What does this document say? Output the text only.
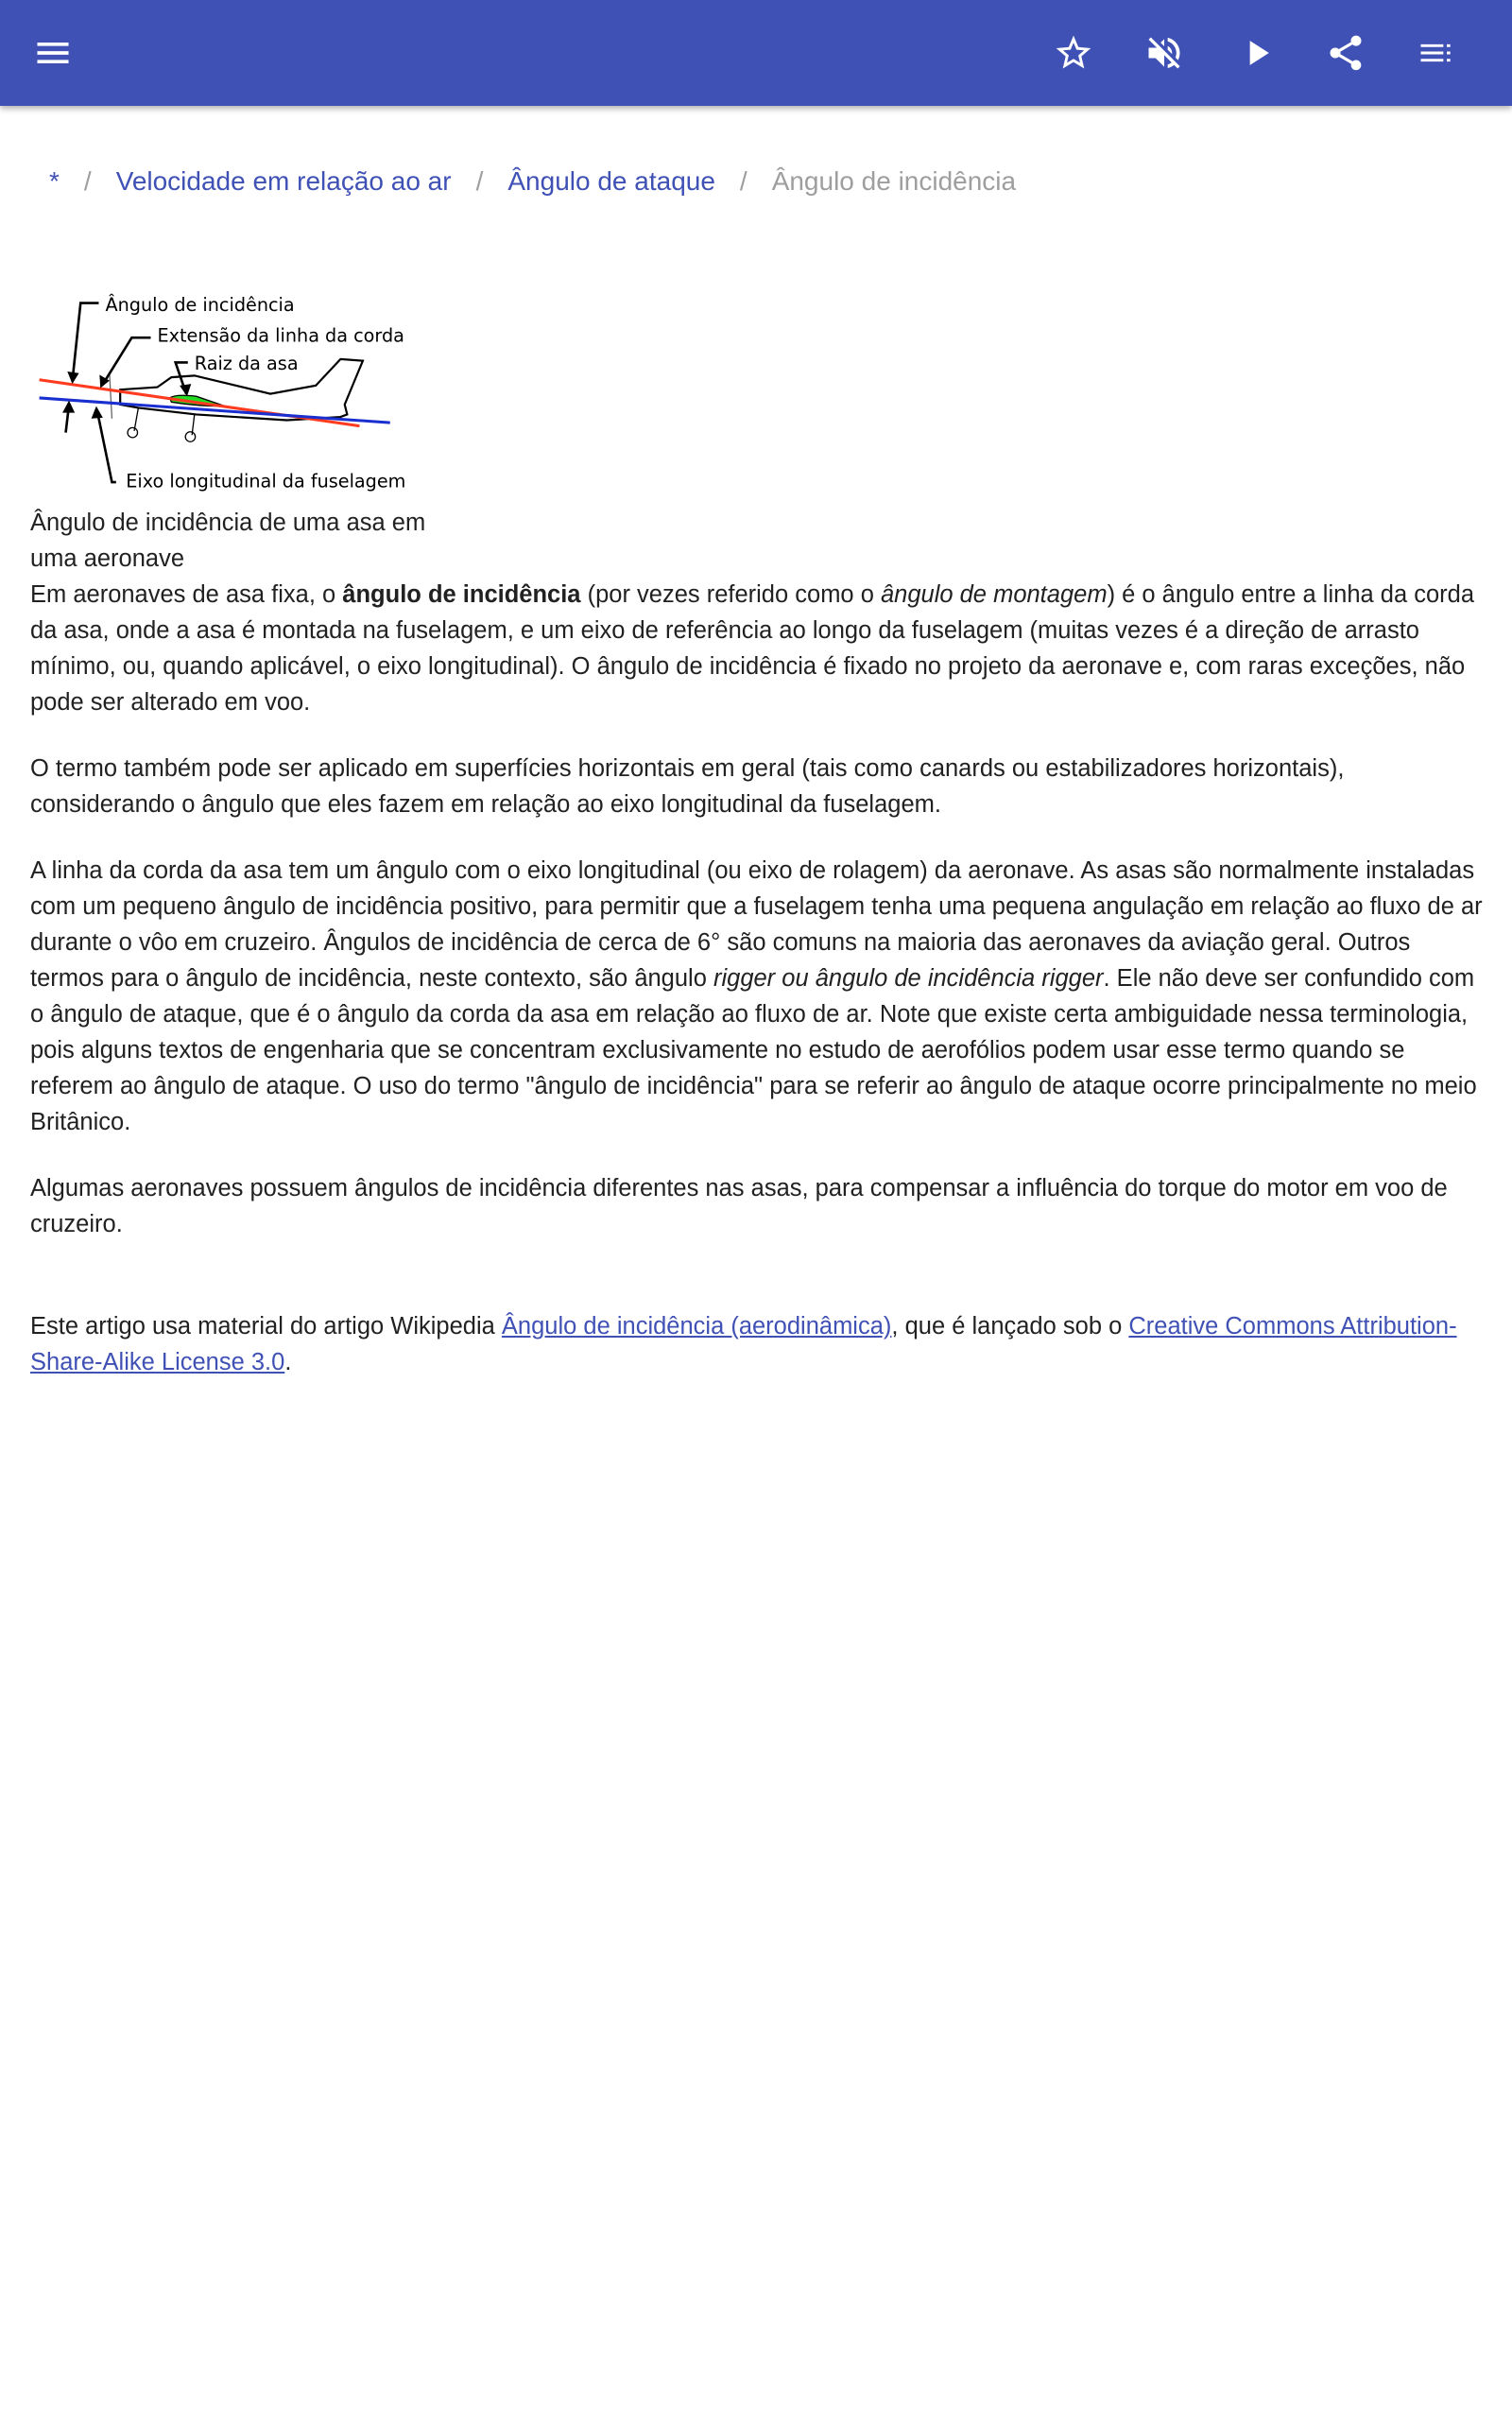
* / Velocidade em relação ao ar / Ângulo de ataque / Ângulo de incidência
Ângulo de incidência
Extensão da linha da corda
Raiz da asa
Eixo longitudinal da fuselagem
Ângulo de incidência de uma asa em uma aeronave

Em aeronaves de asa fixa, o ângulo de incidência (por vezes referido como o ângulo de montagem) é o ângulo entre a linha da corda da asa, onde a asa é montada na fuselagem, e um eixo de referência ao longo da fuselagem (muitas vezes é a direção de arrasto mínimo, ou, quando aplicável, o eixo longitudinal). O ângulo de incidência é fixado no projeto da aeronave e, com raras exceções, não pode ser alterado em voo.

O termo também pode ser aplicado em superfícies horizontais em geral (tais como canards ou estabilizadores horizontais), considerando o ângulo que eles fazem em relação ao eixo longitudinal da fuselagem.

A linha da corda da asa tem um ângulo com o eixo longitudinal (ou eixo de rolagem) da aeronave. As asas são normalmente instaladas com um pequeno ângulo de incidência positivo, para permitir que a fuselagem tenha uma pequena angulação em relação ao fluxo de ar durante o vôo em cruzeiro. Ângulos de incidência de cerca de 6° são comuns na maioria das aeronaves da aviação geral. Outros termos para o ângulo de incidência, neste contexto, são ângulo rigger ou ângulo de incidência rigger. Ele não deve ser confundido com o ângulo de ataque, que é o ângulo da corda da asa em relação ao fluxo de ar. Note que existe certa ambiguidade nessa terminologia, pois alguns textos de engenharia que se concentram exclusivamente no estudo de aerofólios podem usar esse termo quando se referem ao ângulo de ataque. O uso do termo "ângulo de incidência" para se referir ao ângulo de ataque ocorre principalmente no meio Britânico.

Algumas aeronaves possuem ângulos de incidência diferentes nas asas, para compensar a influência do torque do motor em voo de cruzeiro.

Este artigo usa material do artigo Wikipedia Ângulo de incidência (aerodinâmica), que é lançado sob o Creative Commons Attribution-Share-Alike License 3.0.
